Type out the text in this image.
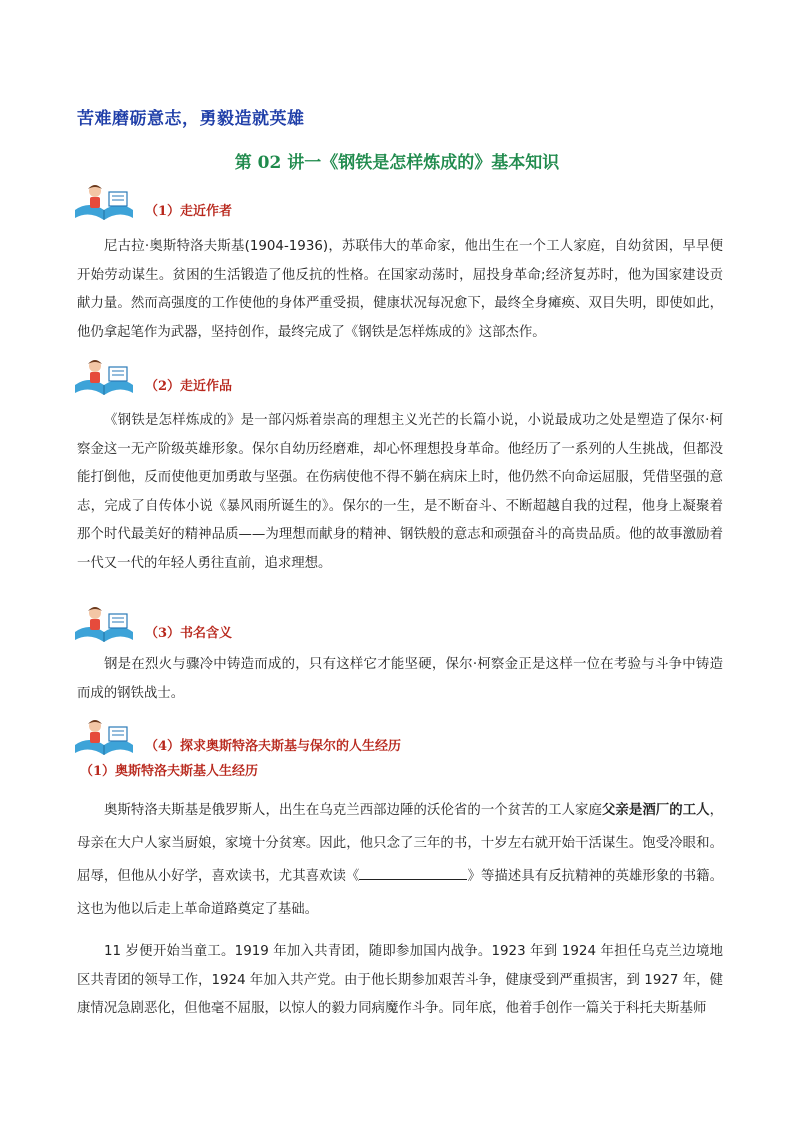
苦难磨砺意志，勇毅造就英雄
第 02 讲一《钢铁是怎样炼成的》基本知识
（1）走近作者
尼古拉·奥斯特洛夫斯基(1904-1936)，苏联伟大的革命家，他出生在一个工人家庭，自幼贫困，早早便开始劳动谋生。贫困的生活锻造了他反抗的性格。在国家动荡时，屈投身革命;经济复苏时，他为国家建设贡献力量。然而高强度的工作使他的身体严重受损，健康状况每况愈下，最终全身瘫痪、双目失明，即使如此，他仍拿起笔作为武器，坚持创作，最终完成了《钢铁是怎样炼成的》这部杰作。
（2）走近作品
《钢铁是怎样炼成的》是一部闪烁着崇高的理想主义光芒的长篇小说，小说最成功之处是塑造了保尔·柯察金这一无产阶级英雄形象。保尔自幼历经磨难，却心怀理想投身革命。他经历了一系列的人生挑战，但都没能打倒他，反而使他更加勇敢与坚强。在伤病使他不得不躺在病床上时，他仍然不向命运屈服，凭借坚强的意志，完成了自传体小说《暴风雨所诞生的》。保尔的一生，是不断奋斗、不断超越自我的过程，他身上凝聚着那个时代最美好的精神品质——为理想而献身的精神、钢铁般的意志和顽强奋斗的高贵品质。他的故事激励着一代又一代的年轻人勇往直前，追求理想。
（3）书名含义
钢是在烈火与骤冷中铸造而成的，只有这样它才能坚硬，保尔·柯察金正是这样一位在考验与斗争中铸造而成的钢铁战士。
（4）探求奥斯特洛夫斯基与保尔的人生经历
（1）奥斯特洛夫斯基人生经历
奥斯特洛夫斯基是俄罗斯人，出生在乌克兰西部边陲的沃伦省的一个贫苦的工人家庭父亲是酒厂的工人，母亲在大户人家当厨娘，家境十分贫寒。因此，他只念了三年的书，十岁左右就开始干活谋生。饱受冷眼和。屈辱，但他从小好学，喜欢读书，尤其喜欢读《	》等描述具有反抗精神的英雄形象的书籍。这也为他以后走上革命道路奠定了基础。
11 岁便开始当童工。1919 年加入共青团，随即参加国内战争。1923 年到 1924 年担任乌克兰边境地区共青团的领导工作，1924 年加入共产党。由于他长期参加艰苦斗争，健康受到严重损害，到 1927 年，健康情况急剧恶化，但他毫不屈服，以惊人的毅力同病魔作斗争。同年底，他着手创作一篇关于科托夫斯基师
